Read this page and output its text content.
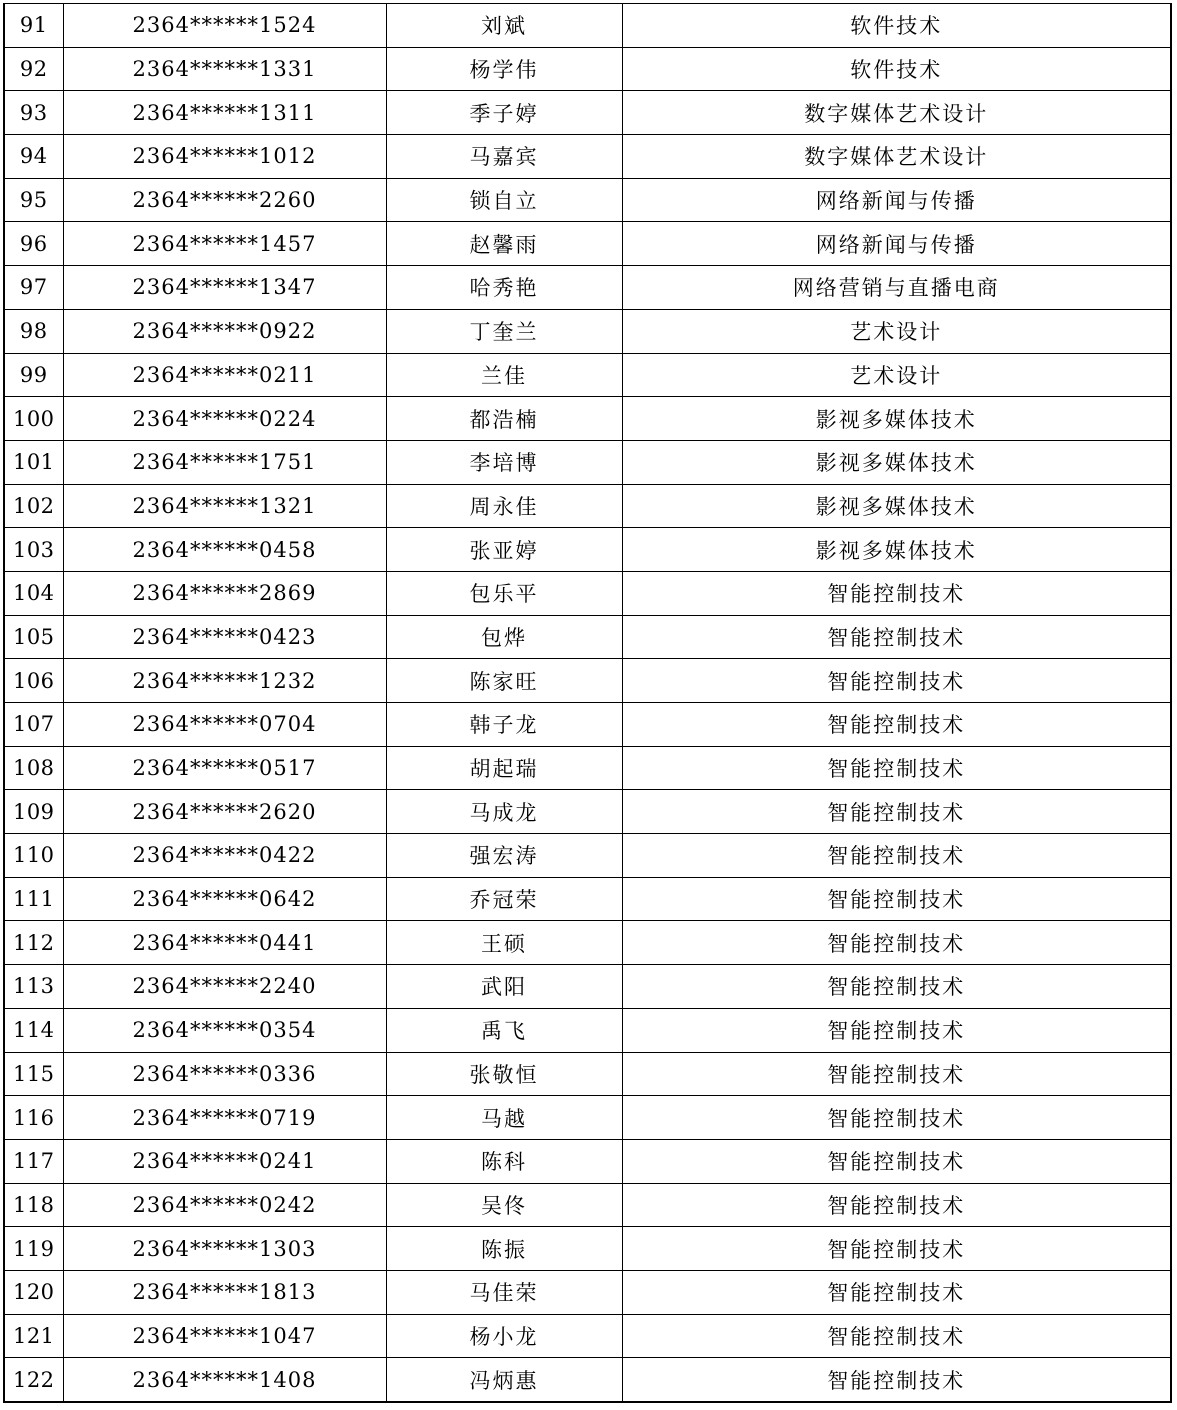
91	2364******1524	刘斌	软件技术
92	2364******1331	杨学伟	软件技术
93	2364******1311	季子婷	数字媒体艺术设计
94	2364******1012	马嘉宾	数字媒体艺术设计
95	2364******2260	锁自立	网络新闻与传播
96	2364******1457	赵馨雨	网络新闻与传播
97	2364******1347	哈秀艳	网络营销与直播电商
98	2364******0922	丁奎兰	艺术设计
99	2364******0211	兰佳	艺术设计
100	2364******0224	都浩楠	影视多媒体技术
101	2364******1751	李培博	影视多媒体技术
102	2364******1321	周永佳	影视多媒体技术
103	2364******0458	张亚婷	影视多媒体技术
104	2364******2869	包乐平	智能控制技术
105	2364******0423	包烨	智能控制技术
106	2364******1232	陈家旺	智能控制技术
107	2364******0704	韩子龙	智能控制技术
108	2364******0517	胡起瑞	智能控制技术
109	2364******2620	马成龙	智能控制技术
110	2364******0422	强宏涛	智能控制技术
111	2364******0642	乔冠荣	智能控制技术
112	2364******0441	王硕	智能控制技术
113	2364******2240	武阳	智能控制技术
114	2364******0354	禹飞	智能控制技术
115	2364******0336	张敬恒	智能控制技术
116	2364******0719	马越	智能控制技术
117	2364******0241	陈科	智能控制技术
118	2364******0242	吴佟	智能控制技术
119	2364******1303	陈振	智能控制技术
120	2364******1813	马佳荣	智能控制技术
121	2364******1047	杨小龙	智能控制技术
122	2364******1408	冯炳惠	智能控制技术
